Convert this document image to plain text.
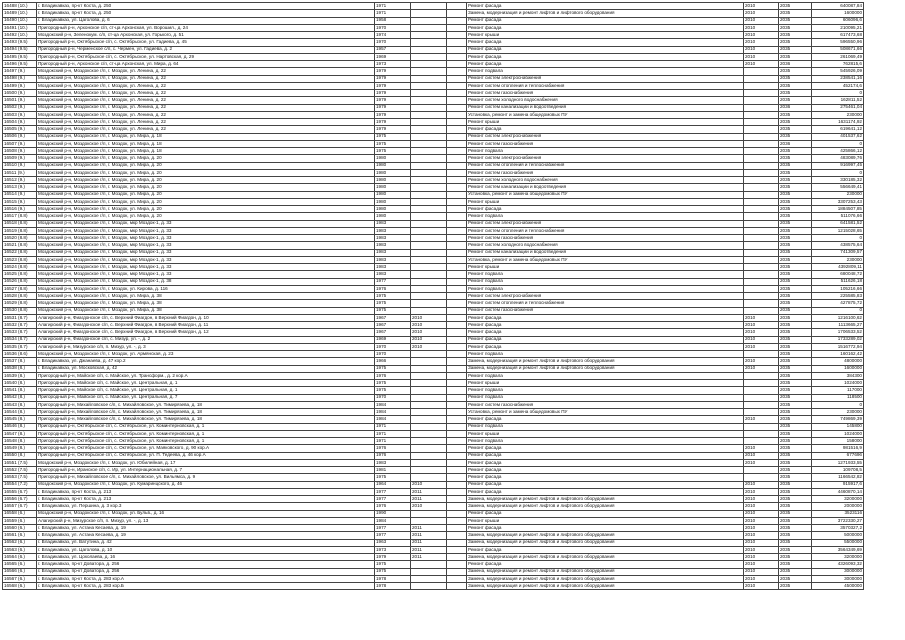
16488 (10.)	г. Владикавказ, пр-кт Коста, д. 250	1971			Ремонт фасада	2010	2035	640087,84
16489 (10.)	г. Владикавказ, пр-кт Коста, д. 250	1971			Замена, модернизация и ремонт лифтов и лифтового оборудования	2010	2035	1600000
16490 (10.)	г. Владикавказ, ул. Цаголова, д. 6	1958			Ремонт фасада	2010	2035	606096,6
16491 (10.)	Пригородный р-н, Архонское с/п, ст-ца Архонская, ул. Ворошил., д. 24	1970			Ремонт фасада	2010	2035	210095,21
16492 (10.)	Моздокский р-н, Зеленокум. с/п, ст-ца Архонская, ул. Горького, д. 51	1974			Ремонт крыши	2010	2035	617473,68
16493 (9.5)	Пригородный р-н, Октябрьское с/п, с. Октябрьское, ул. Гадиева, д. 45	1970			Ремонт фасада	2010	2035	596550,96
16494 (9.5)	Пригородный р-н, Черменское с/п, с. Чермен, ул. Гадиева, д. 2	1957			Ремонт фасада	2010	2035	508671,66
16495 (9.5)	Пригородный р-н, Октябрьское с/п, с. Октябрьское, ул. Нартовская, д. 29	1969			Ремонт фасада	2010	2035	261069,49
16496 (9.5)	Пригородный р-н, Архонское с/п, ст-ца Архонская, ул. Мира, д. 64	1973			Ремонт фасада	2010	2036	762815,6
16497 (9.)	Моздокский р-н, Моздокское г/п, г. Моздок, ул. Ленина, д. 22	1979			Ремонт подвала		2035	545926,09
16498 (9.)	Моздокский р-н, Моздокское г/п, г. Моздок, ул. Ленина, д. 22	1979			Ремонт систем электроснабжения		2035	238541,16
16499 (9.)	Моздокский р-н, Моздокское г/п, г. Моздок, ул. Ленина, д. 22	1979			Ремонт систем отопления и теплоснабжения		2035	452174,6
16500 (9.)	Моздокский р-н, Моздокское г/п, г. Моздок, ул. Ленина, д. 22	1979			Ремонт систем газоснабжения		2035	0
16501 (9.)	Моздокский р-н, Моздокское г/п, г. Моздок, ул. Ленина, д. 22	1979			Ремонт систем холодного водоснабжения		2035	162811,52
16502 (9.)	Моздокский р-н, Моздокское г/п, г. Моздок, ул. Ленина, д. 22	1979			Ремонт систем канализации и водоотведения		2036	275461,04
16503 (9.)	Моздокский р-н, Моздокское г/п, г. Моздок, ул. Ленина, д. 22	1979			Установка, ремонт и замена общедомовых ПУ		2035	230000
16504 (9.)	Моздокский р-н, Моздокское г/п, г. Моздок, ул. Ленина, д. 22	1979			Ремонт крыши		2035	1631174,92
16505 (9.)	Моздокский р-н, Моздокское г/п, г. Моздок, ул. Ленина, д. 22	1979			Ремонт фасада		2035	619641,12
16506 (9.)	Моздокский р-н, Моздокское г/п, г. Моздок, ул. Мира, д. 18	1975			Ремонт систем электроснабжения		2035	401537,62
16507 (9.)	Моздокский р-н, Моздокское г/п, г. Моздок, ул. Мира, д. 18	1975			Ремонт систем газоснабжения		2036	0
16508 (9.)	Моздокский р-н, Моздокское г/п, г. Моздок, ул. Мира, д. 18	1975			Ремонт подвала		2035	425866,12
16509 (9.)	Моздокский р-н, Моздокское г/п, г. Моздок, ул. Мира, д. 20	1980			Ремонт систем электроснабжения		2035	483089,76
16510 (9.)	Моздокский р-н, Моздокское г/п, г. Моздок, ул. Мира, д. 20	1980			Ремонт систем отопления и теплоснабжения		2035	916997,45
16511 (9.)	Моздокский р-н, Моздокское г/п, г. Моздок, ул. Мира, д. 20	1980			Ремонт систем газоснабжения		2035	0
16512 (9.)	Моздокский р-н, Моздокское г/п, г. Моздок, ул. Мира, д. 20	1980			Ремонт систем холодного водоснабжения		2035	330185,32
16513 (9.)	Моздокский р-н, Моздокское г/п, г. Моздок, ул. Мира, д. 20	1980			Ремонт систем канализации и водоотведения		2035	556649,41
16514 (9.)	Моздокский р-н, Моздокское г/п, г. Моздок, ул. Мира, д. 20	1980			Установка, ремонт и замена общедомовых ПУ		2035	230000
16515 (9.)	Моздокский р-н, Моздокское г/п, г. Моздок, ул. Мира, д. 20	1980			Ремонт крыши		2035	3307253,43
16516 (9.)	Моздокский р-н, Моздокское г/п, г. Моздок, ул. Мира, д. 20	1980			Ремонт фасада		2035	1884507,85
16517 (8.8)	Моздокский р-н, Моздокское г/п, г. Моздок, ул. Мира, д. 20	1980			Ремонт подвала		2035	511076,66
16518 (8.8)	Моздокский р-н, Моздокское г/п, г. Моздок, мкр Моздок-1, д. 33	1983			Ремонт систем электроснабжения		2035	641581,52
16519 (8.8)	Моздокский р-н, Моздокское г/п, г. Моздок, мкр Моздок-1, д. 33	1983			Ремонт систем отопления и теплоснабжения		2035	1215028,65
16520 (8.8)	Моздокский р-н, Моздокское г/п, г. Моздок, мкр Моздок-1, д. 33	1983			Ремонт систем газоснабжения		2035	0
16521 (8.8)	Моздокский р-н, Моздокское г/п, г. Моздок, мкр Моздок-1, д. 33	1983			Ремонт систем холодного водоснабжения		2035	438575,64
16522 (8.8)	Моздокский р-н, Моздокское г/п, г. Моздок, мкр Моздок-1, д. 33	1983			Ремонт систем канализации и водоотведения		2035	741309,57
16523 (8.8)	Моздокский р-н, Моздокское г/п, г. Моздок, мкр Моздок-1, д. 33	1983			Установка, ремонт и замена общедомовых ПУ		2035	230000
16524 (8.8)	Моздокский р-н, Моздокское г/п, г. Моздок, мкр Моздок-1, д. 33	1983			Ремонт крыши		2035	4392809,11
16525 (8.8)	Моздокский р-н, Моздокское г/п, г. Моздок, мкр Моздок-1, д. 33	1983			Ремонт подвала		2035	680048,72
16526 (8.8)	Моздокский р-н, Моздокское г/п, г. Моздок, мкр Моздок-1, д. 38	1977			Ремонт подвала		2035	511626,18
16527 (8.8)	Моздокский р-н, Моздокское г/п, г. Моздок, ул. Кирова, д. 116	1976			Ремонт подвала		2035	105216,66
16528 (8.8)	Моздокский р-н, Моздокское г/п, г. Моздок, ул. Мира, д. 38	1975			Ремонт систем электроснабжения		2035	225585,83
16529 (8.8)	Моздокский р-н, Моздокское г/п, г. Моздок, ул. Мира, д. 38	1975			Ремонт систем отопления и теплоснабжения		2035	427875,72
16530 (8.8)	Моздокский р-н, Моздокское г/п, г. Моздок, ул. Мира, д. 38	1975			Ремонт систем газоснабжения		2035	0
16531 (8.7)	Алагирский р-н, Фиагдонское с/п, с. Верхний Фиагдон, в Верхний Фиагдон, д. 10	1967	2010		Ремонт фасада	2010	2035	1216100,62
16532 (8.7)	Алагирский р-н, Фиагдонское с/п, с. Верхний Фиагдон, в Верхний Фиагдон, д. 11	1967	2010		Ремонт фасада	2010	2035	1113665,27
16533 (8.7)	Алагирский р-н, Фиагдонское с/п, с. Верхний Фиагдон, в Верхний Фиагдон, д. 12	1967	2010		Ремонт фасада	2010	2035	1706533,52
16534 (8.7)	Алагирский р-н, Фиагдонское с/п, с. Мизур, ул. -, д. 2	1969	2010		Ремонт фасада	2010	2035	1733289,02
16535 (8.7)	Алагирский р-н, Мизурское с/п, п. Мизур, ул. -, д. 3	1970	2010		Ремонт фасада	2010	2035	1516772,94
16536 (8.6)	Моздокский р-н, Моздокское г/п, г. Моздок, ул. Армянская, д. 23	1970			Ремонт подвала		2035	160162,42
16537 (8.)	г. Владикавказ, ул. Джанаева, д. 47 кор.2	1966			Замена, модернизация и ремонт лифтов и лифтового оборудования	2010	2035	4800000
16538 (8.)	г. Владикавказ, ул. Московская, д. 42	1975			Замена, модернизация и ремонт лифтов и лифтового оборудования	2010	2035	1600000
16539 (8.)	Пригородный р-н, Майское с/п, с. Майское, ул. Трансформ., д. 2 кор.А	1976			Ремонт подвала		2035	384300
16540 (8.)	Пригородный р-н, Майское с/п, с. Майское, ул. Центральная, д. 1	1975			Ремонт крыши		2035	1024000
16541 (8.)	Пригородный р-н, Майское с/п, с. Майское, ул. Центральная, д. 1	1975			Ремонт подвала		2035	117000
16542 (8.)	Пригородный р-н, Майское с/п, с. Майское, ул. Центральная, д. 7	1970			Ремонт подвала		2035	118500
16543 (8.)	Пригородный р-н, Михайловское с/п, с. Михайловское, ул. Тимирязева, д. 18	1984			Ремонт систем газоснабжения		2035	0
16544 (8.)	Пригородный р-н, Михайловское с/п, с. Михайловское, ул. Тимирязева, д. 18	1984			Установка, ремонт и замена общедомовых ПУ		2035	230000
16545 (8.)	Пригородный р-н, Михайловское с/п, с. Михайловское, ул. Тимирязева, д. 18	1984			Ремонт фасада	2010	2035	749869,39
16546 (8.)	Пригородный р-н, Октябрьское с/п, с. Октябрьское, ул. Коминтерновская, д. 1	1971			Ремонт подвала		2035	145800
16547 (8.)	Пригородный р-н, Октябрьское с/п, с. Октябрьское, ул. Коминтерновская, д. 1	1971			Ремонт крыши		2035	1024000
16548 (8.)	Пригородный р-н, Октябрьское с/п, с. Октябрьское, ул. Коминтерновская, д. 1	1971			Ремонт подвала		2035	158000
16549 (8.)	Пригородный р-н, Октябрьское с/п, с. Октябрьское, ул. Маяковского, д. 90 кор.А	1976			Ремонт фасада	2010	2035	981516,9
16550 (8.)	Пригородный р-н, Октябрьское с/п, с. Октябрьское, ул. П. Тедеева, д. 46 кор.А	1976			Ремонт фасада	2010	2035	677696
16551 (7.5)	Моздокский р-н, Моздокское г/п, г. Моздок, ул. Юбилейная, д. 17	1983			Ремонт фасада	2010	2035	1271933,55
16552 (7.5)	Пригородный р-н, Иранское с/п, с. Ир, ул. Интернациональная, д. 7	1981			Ремонт фасада		2035	109708,5
16553 (7.5)	Пригородный р-н, Михайловское с/п, с. Михайловское, ул. Вильямса, д. 9	1975			Ремонт фасада		2035	1166542,82
16554 (7.2)	Моздокский р-н, Моздокское г/п, г. Моздок, ул. Кумаринцского, д. 46	1964	2010		Ремонт фасада	2010	2035	915917,6
16555 (6.7)	г. Владикавказ, пр-кт Коста, д. 213	1977	2011		Ремонт фасада	2010	2035	4460870,14
16556 (6.7)	г. Владикавказ, пр-кт Коста, д. 213	1977	2011		Замена, модернизация и ремонт лифтов и лифтового оборудования	2010	2035	3200000
16557 (6.7)	г. Владикавказ, ул. Першина, д. 3 кор.3	1976	2010		Замена, модернизация и ремонт лифтов и лифтового оборудования	2010	2035	2000000
16558 (6.)	Моздокский р-н, Моздокское г/п, г. Моздок, ул. Бульв., д. 16	1990			Ремонт фасада	2010	2035	3523116
16559 (6.)	Алагирский р-н, Мизурское с/п, п. Мизур, ул. -, д. 13	1984			Ремонт крыши	2010	2035	3722330,27
16560 (6.)	г. Владикавказ, ул. Астана Кесаева, д. 19	1977	2011		Ремонт фасада	2010	2035	3570327,2
16561 (6.)	г. Владикавказ, ул. Астана Кесаева, д. 19	1977	2011		Замена, модернизация и ремонт лифтов и лифтового оборудования	2010	2035	5000000
16562 (6.)	г. Владикавказ, ул. Ватутина, д. 42	1963	2011		Замена, модернизация и ремонт лифтов и лифтового оборудования	2010	2035	5500000
16563 (6.)	г. Владикавказ, ул. Цаголова, д. 10	1973	2011		Ремонт фасада	2010	2035	3564349,69
16564 (6.)	г. Владикавказ, ул. Цоколаева, д. 16	1979	2011		Замена, модернизация и ремонт лифтов и лифтового оборудования	2010	2035	3200000
16565 (6.)	г. Владикавказ, пр-кт Доватора, д. 256	1975			Ремонт фасада	2010	2035	4326093,32
16566 (6.)	г. Владикавказ, пр-кт Доватора, д. 256	1975			Замена, модернизация и ремонт лифтов и лифтового оборудования	2010	2035	3000000
16567 (6.)	г. Владикавказ, пр-кт Коста, д. 283 кор.А	1978			Замена, модернизация и ремонт лифтов и лифтового оборудования	2010	2035	3000000
16568 (6.)	г. Владикавказ, пр-кт Коста, д. 283 кор.Б	1978			Замена, модернизация и ремонт лифтов и лифтового оборудования	2010	2035	4500000
